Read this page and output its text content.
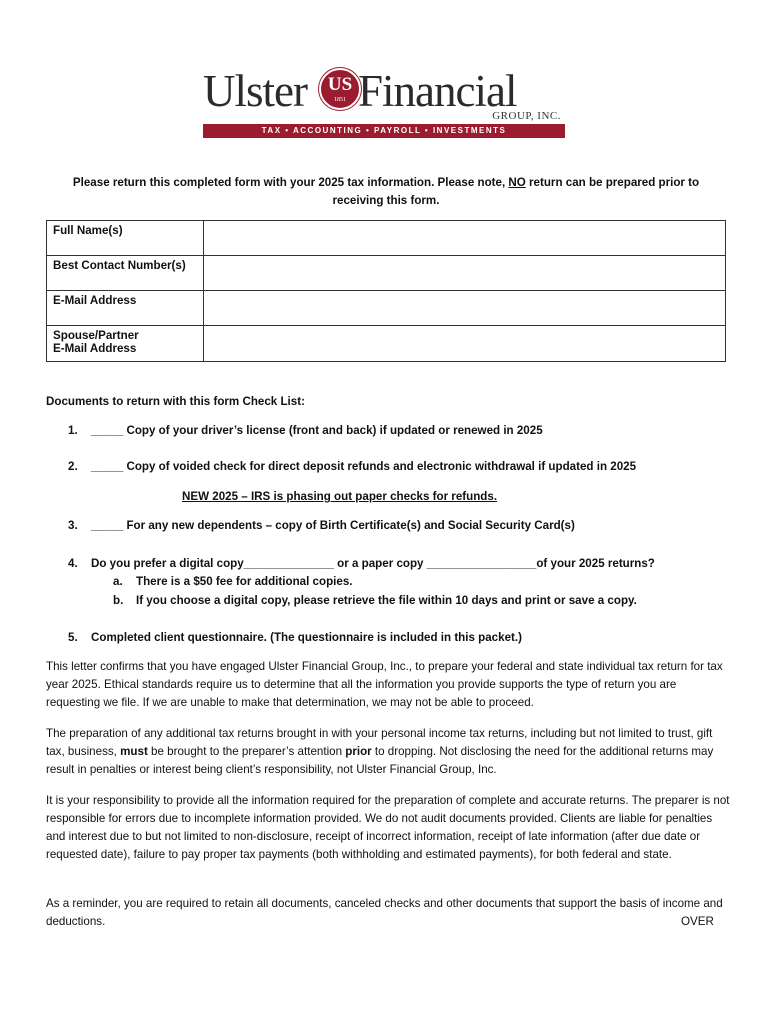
Ulster	US
1851 Financial
GROUP, INC.
TAX • ACCOUNTING • PAYROLL • INVESTMENTS

Please return this completed form with your 2025 tax information. Please note, NO return can be prepared prior to receiving this form.

Full Name(s)	
Best Contact Number(s)	
E-Mail Address	

Spouse/Partner
E-Mail Address	

Documents to return with this form Check List:
1. _____ Copy of your driver’s license (front and back) if updated or renewed in 2025
2. _____ Copy of voided check for direct deposit refunds and electronic withdrawal if updated in 2025
NEW 2025 – IRS is phasing out paper checks for refunds.
3. _____ For any new dependents – copy of Birth Certificate(s) and Social Security Card(s)
4. Do you prefer a digital copy______________ or a paper copy _________________of your 2025 returns?
a. There is a $50 fee for additional copies.
b. If you choose a digital copy, please retrieve the file within 10 days and print or save a copy.
5. Completed client questionnaire. (The questionnaire is included in this packet.)

This letter confirms that you have engaged Ulster Financial Group, Inc., to prepare your federal and state individual tax return for tax year 2025. Ethical standards require us to determine that all the information you provide supports the type of return you are requesting we file. If we are unable to make that determination, we may not be able to proceed.

The preparation of any additional tax returns brought in with your personal income tax returns, including but not limited to trust, gift tax, business, must be brought to the preparer’s attention prior to dropping. Not disclosing the need for the additional returns may result in penalties or interest being client’s responsibility, not Ulster Financial Group, Inc.

It is your responsibility to provide all the information required for the preparation of complete and accurate returns. The preparer is not responsible for errors due to incomplete information provided. We do not audit documents provided. Clients are liable for penalties and interest due to but not limited to non-disclosure, receipt of incorrect information, receipt of late information (after due date or requested date), failure to pay proper tax payments (both withholding and estimated payments), for both federal and state.

As a reminder, you are required to retain all documents, canceled checks and other documents that support the basis of income and deductions.	OVER
